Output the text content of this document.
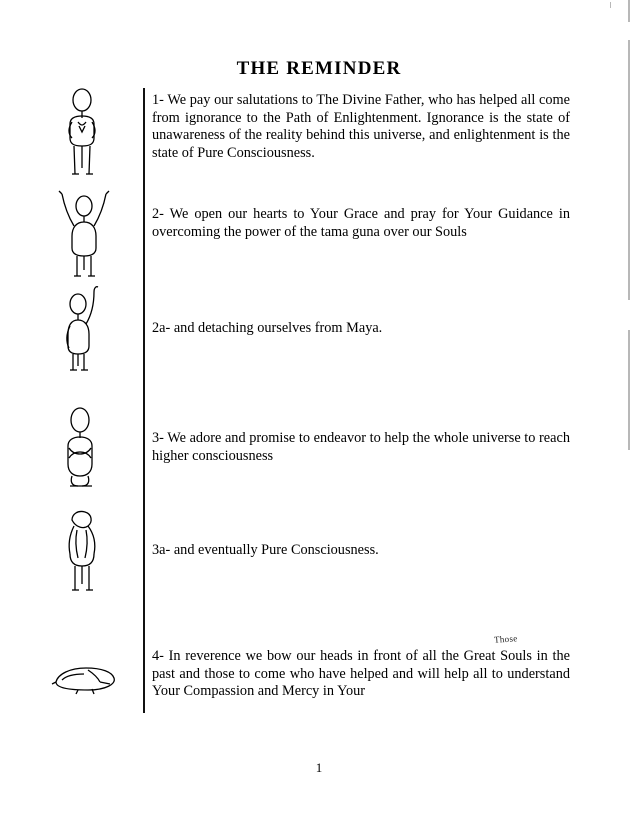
THE REMINDER
1- We pay our salutations to The Divine Father, who has helped all come from ignorance to the Path of Enlightenment. Ignorance is the state of unawareness of the reality behind this universe, and enlightenment is the state of Pure Consciousness.
2- We open our hearts to Your Grace and pray for Your Guidance in overcoming the power of the tama guna over our Souls
2a- and detaching ourselves from Maya.
3- We adore and promise to endeavor to help the whole universe to reach higher consciousness
3a- and eventually Pure Consciousness.
4- In reverence we bow our heads in front of all the Great Souls in the past and those to come who have helped and will help all to understand Your Compassion and Mercy in Your
Those
1
